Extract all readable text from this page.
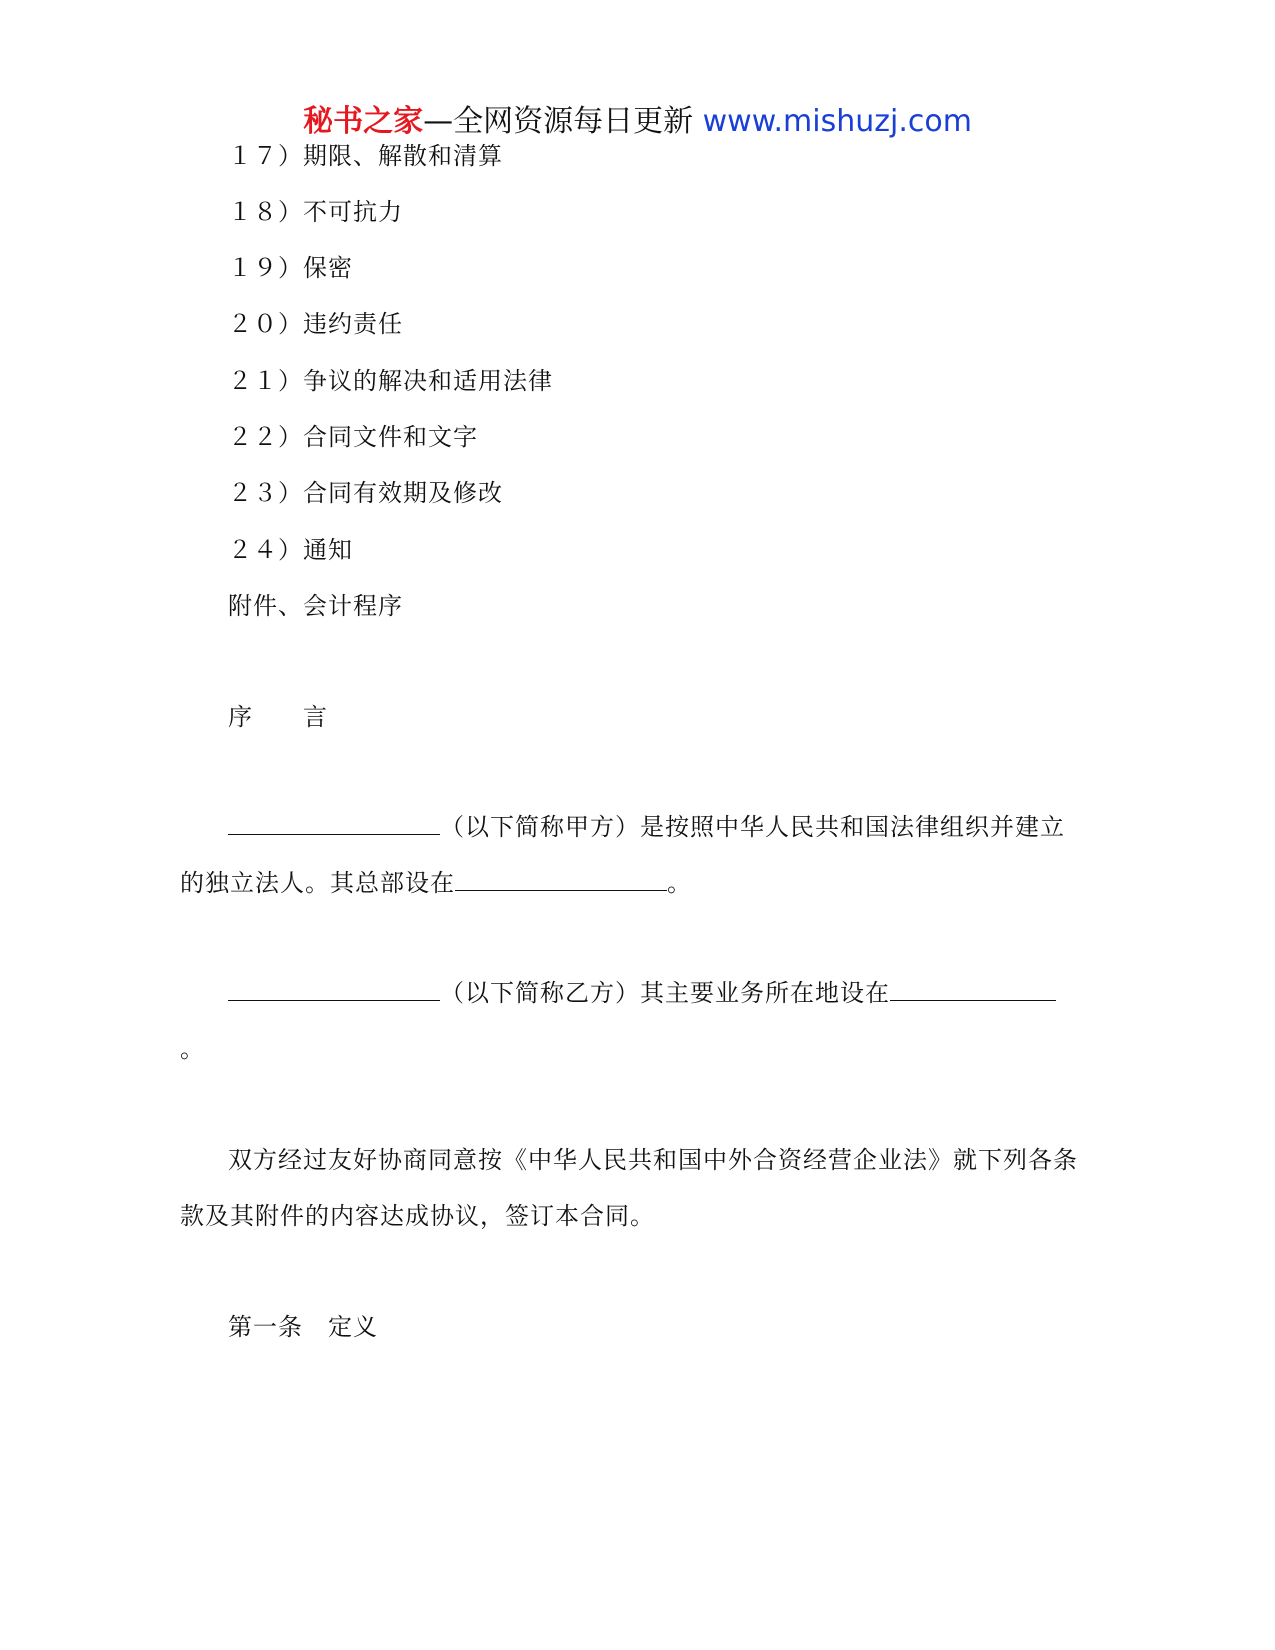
秘书之家—全网资源每日更新 www.mishuzj.com
１７）期限、解散和清算
１８）不可抗力
１９）保密
２０）违约责任
２１）争议的解决和适用法律
２２）合同文件和文字
２３）合同有效期及修改
２４）通知
附件、会计程序
序　　言
（以下简称甲方）是按照中华人民共和国法律组织并建立
的独立法人。其总部设在	。
（以下简称乙方）其主要业务所在地设在
。
双方经过友好协商同意按《中华人民共和国中外合资经营企业法》就下列各条
款及其附件的内容达成协议，签订本合同。
第一条　定义
